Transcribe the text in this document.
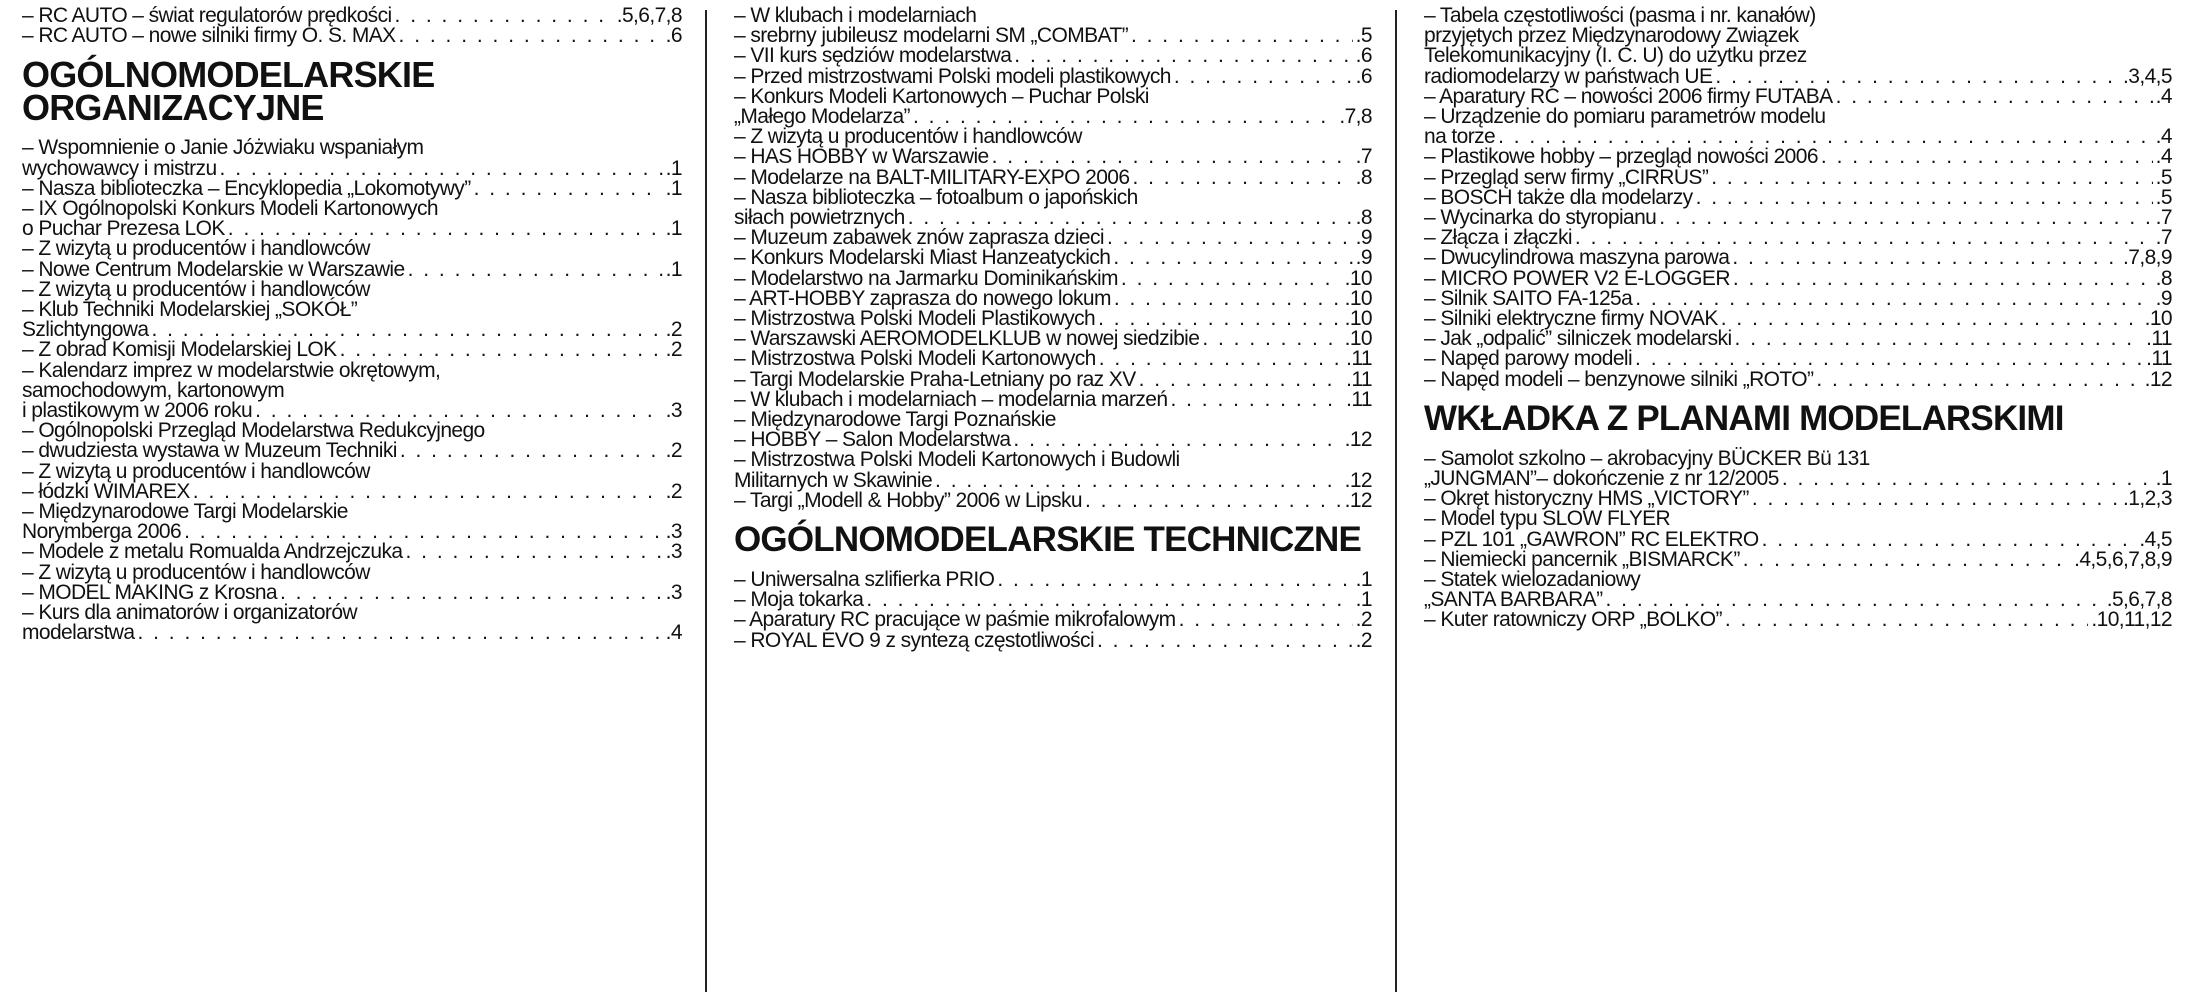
– RC AUTO – świat regulatorów prędkości . . .	.5,6,7,8
– RC AUTO – nowe silniki firmy O. S. MAX . . .	.6
OGÓLNOMODELARSKIE
ORGANIZACYJNE
– Wspomnienie o Janie Jóżwiaku wspaniałym
wychowawcy i mistrzu . . .	.1
– Nasza biblioteczka – Encyklopedia „Lokomotywy” . . .	.1
– IX Ogólnopolski Konkurs Modeli Kartonowych
o Puchar Prezesa LOK . . .	.1
– Z wizytą u producentów i handlowców
– Nowe Centrum Modelarskie w Warszawie . . .	.1
– Z wizytą u producentów i handlowców
– Klub Techniki Modelarskiej „SOKÓŁ”
Szlichtyngowa . . .	.2
– Z obrad Komisji Modelarskiej LOK . . .	.2
– Kalendarz imprez w modelarstwie okrętowym,
samochodowym, kartonowym
i plastikowym w 2006 roku . . .	.3
– Ogólnopolski Przegląd Modelarstwa Redukcyjnego
– dwudziesta wystawa w Muzeum Techniki . . .	.2
– Z wizytą u producentów i handlowców
– łódzki WIMAREX . . .	.2
– Międzynarodowe Targi Modelarskie
Norymberga 2006 . . .	.3
– Modele z metalu Romualda Andrzejczuka . . .	.3
– Z wizytą u producentów i handlowców
– MODEL MAKING z Krosna . . .	.3
– Kurs dla animatorów i organizatorów
modelarstwa . . .	.4
– W klubach i modelarniach
– srebrny jubileusz modelarni SM „COMBAT” . . .	.5
– VII kurs sędziów modelarstwa . . .	.6
– Przed mistrzostwami Polski modeli plastikowych . . .	.6
– Konkurs Modeli Kartonowych – Puchar Polski
„Małego Modelarza” . . .	.7,8
– Z wizytą u producentów i handlowców
– HAS HOBBY w Warszawie . . .	.7
– Modelarze na BALT-MILITARY-EXPO 2006 . . .	.8
– Nasza biblioteczka – fotoalbum o japońskich
siłach powietrznych . . .	.8
– Muzeum zabawek znów zaprasza dzieci . . .	.9
– Konkurs Modelarski Miast Hanzeatyckich . . .	.9
– Modelarstwo na Jarmarku Dominikańskim . . .	.10
– ART-HOBBY zaprasza do nowego lokum . . .	.10
– Mistrzostwa Polski Modeli Plastikowych . . .	.10
– Warszawski AEROMODELKLUB w nowej siedzibie . . .	.10
– Mistrzostwa Polski Modeli Kartonowych . . .	.11
– Targi Modelarskie Praha-Letniany po raz XV . . .	.11
– W klubach i modelarniach – modelarnia marzeń . . .	.11
– Międzynarodowe Targi Poznańskie
– HOBBY – Salon Modelarstwa . . .	.12
– Mistrzostwa Polski Modeli Kartonowych i Budowli
Militarnych w Skawinie . . .	.12
– Targi „Modell & Hobby” 2006 w Lipsku . . .	.12
OGÓLNOMODELARSKIE TECHNICZNE
– Uniwersalna szlifierka PRIO . . .	.1
– Moja tokarka . . .	.1
– Aparatury RC pracujące w paśmie mikrofalowym . . .	.2
– ROYAL EVO 9 z syntezą częstotliwości . . .	.2
– Tabela częstotliwości (pasma i nr. kanałów)
przyjętych przez Międzynarodowy Związek
Telekomunikacyjny (I. C. U) do użytku przez
radiomodelarzy w państwach UE . . .	.3,4,5
– Aparatury RC – nowości 2006 firmy FUTABA . . .	.4
– Urządzenie do pomiaru parametrów modelu
na torze . . .	.4
– Plastikowe hobby – przegląd nowości 2006 . . .	.4
– Przegląd serw firmy „CIRRUS” . . .	.5
– BOSCH także dla modelarzy . . .	.5
– Wycinarka do styropianu . . .	.7
– Złącza i złączki . . .	.7
– Dwucylindrowa maszyna parowa . . .	.7,8,9
– MICRO POWER V2 E-LOGGER . . .	.8
– Silnik SAITO FA-125a . . .	.9
– Silniki elektryczne firmy NOVAK . . .	.10
– Jak „odpalić” silniczek modelarski . . .	.11
– Napęd parowy modeli . . .	.11
– Napęd modeli – benzynowe silniki „ROTO” . . .	.12
WKŁADKA Z PLANAMI MODELARSKIMI
– Samolot szkolno – akrobacyjny BÜCKER Bü 131
„JUNGMAN”– dokończenie z nr 12/2005 . . .	.1
– Okręt historyczny HMS „VICTORY” . . .	.1,2,3
– Model typu SLOW FLYER
– PZL 101 „GAWRON” RC ELEKTRO . . .	.4,5
– Niemiecki pancernik „BISMARCK” . . .	.4,5,6,7,8,9
– Statek wielozadaniowy
„SANTA BARBARA” . . .	.5,6,7,8
– Kuter ratowniczy ORP „BOLKO” . . .	.10,11,12
